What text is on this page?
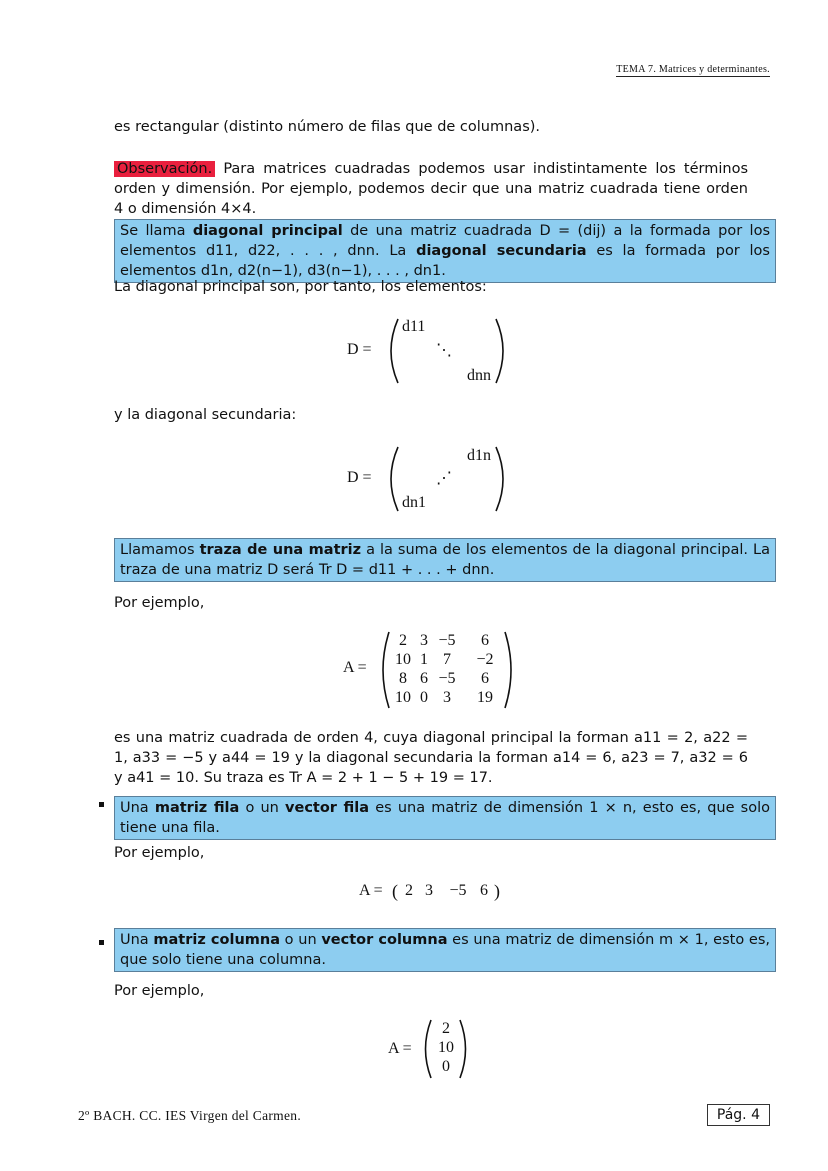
TEMA 7. Matrices y determinantes.
es rectangular (distinto número de filas que de columnas).
Observación. Para matrices cuadradas podemos usar indistintamente los términos orden y dimensión. Por ejemplo, podemos decir que una matriz cuadrada tiene orden 4 o dimensión 4×4.
Se llama diagonal principal de una matriz cuadrada D = (dij) a la formada por los elementos d11, d22, . . . , dnn. La diagonal secundaria es la formada por los elementos d1n, d2(n−1), d3(n−1), . . . , dn1.
La diagonal principal son, por tanto, los elementos:
D =
d11
⋱
dnn
y la diagonal secundaria:
D =
d1n
⋰
dn1
Llamamos traza de una matriz a la suma de los elementos de la diagonal principal. La traza de una matriz D será Tr D = d11 + . . . + dnn.
Por ejemplo,
A =
2 3 −5	6
10 1 7	−2
8 6 −5	6
10 0 3	19
es una matriz cuadrada de orden 4, cuya diagonal principal la forman a11 = 2, a22 = 1, a33 = −5 y a44 = 19 y la diagonal secundaria la forman a14 = 6, a23 = 7, a32 = 6 y a41 = 10. Su traza es Tr A = 2 + 1 − 5 + 19 = 17.
Una matriz fila o un vector fila es una matriz de dimensión 1 × n, esto es, que solo tiene una fila.
Por ejemplo,
A = ( 2 3	−5 6 )
Una matriz columna o un vector columna es una matriz de dimensión m × 1, esto es, que solo tiene una columna.
Por ejemplo,
A =
2
10
0
2º BACH. CC. IES Virgen del Carmen.	Pág. 4
